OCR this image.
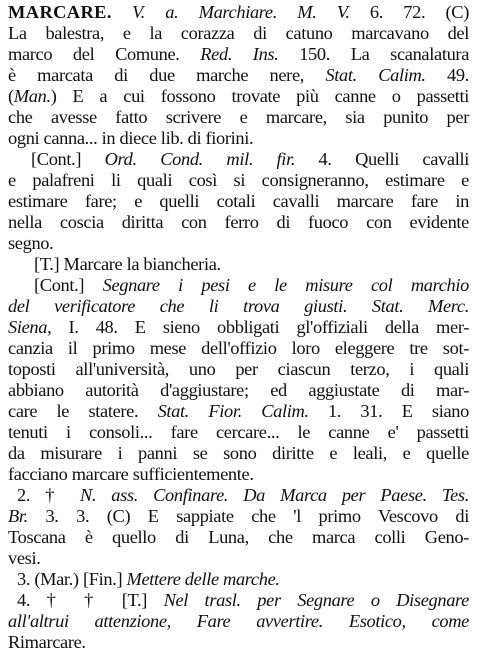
MARCARE. V. a. Marchiare. M. V. 6. 72. (C)
La balestra, e la corazza di catuno marcavano del
marco del Comune. Red. Ins. 150. La scanalatura
è marcata di due marche nere, Stat. Calim. 49.
(Man.) E a cui fossono trovate più canne o passetti
che avesse fatto scrivere e marcare, sia punito per
ogni canna... in diece lib. di fiorini.
[Cont.] Ord. Cond. mil. fir. 4. Quelli cavalli
e palafreni li quali così si consigneranno, estimare e
estimare fare; e quelli cotali cavalli marcare fare in
nella coscia diritta con ferro di fuoco con evidente
segno.
[T.] Marcare la biancheria.
[Cont.] Segnare i pesi e le misure col marchio
del verificatore che li trova giusti. Stat. Merc.
Siena, I. 48. E sieno obbligati gl'offiziali della mer-
canzia il primo mese dell'offizio loro eleggere tre sot-
toposti all'università, uno per ciascun terzo, i quali
abbiano autorità d'aggiustare; ed aggiustate di mar-
care le statere. Stat. Fior. Calim. 1. 31. E siano
tenuti i consoli... fare cercare... le canne e' passetti
da misurare i panni se sono diritte e leali, e quelle
facciano marcare sufficientemente.
2. † N. ass. Confinare. Da Marca per Paese. Tes.
Br. 3. 3. (C) E sappiate che 'l primo Vescovo di
Toscana è quello di Luna, che marca colli Geno-
vesi.
3. (Mar.) [Fin.] Mettere delle marche.
4. † † [T.] Nel trasl. per Segnare o Disegnare
all'altrui attenzione, Fare avvertire. Esotico, come
Rimarcare.
